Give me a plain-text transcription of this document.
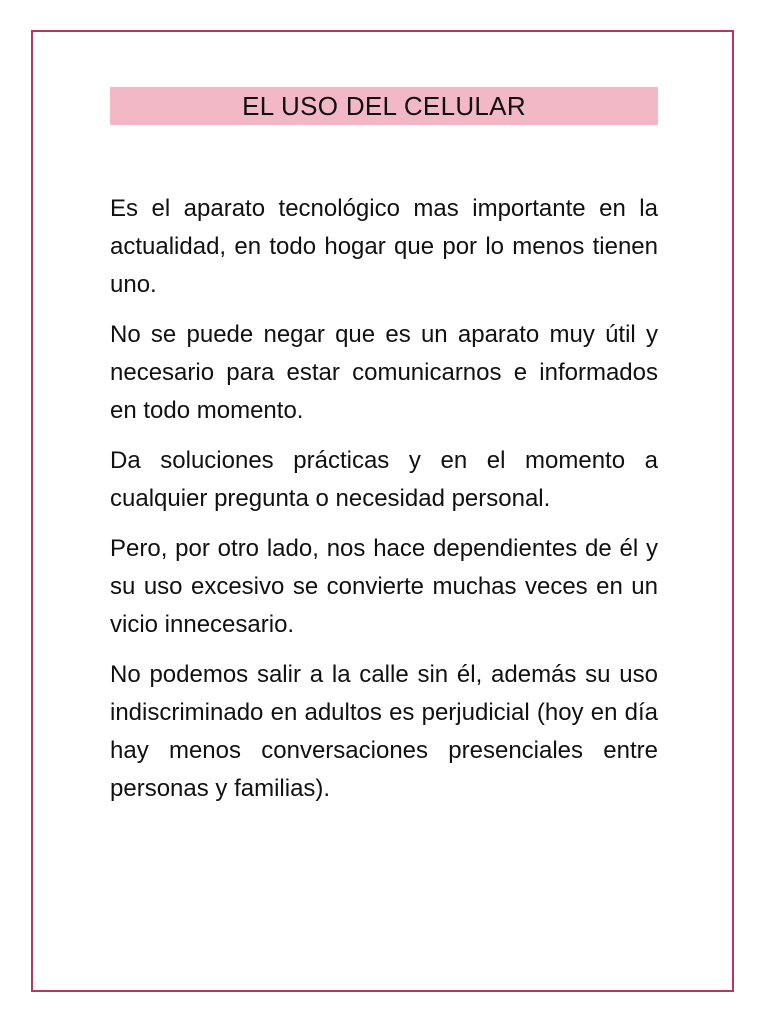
EL USO DEL CELULAR

Es el aparato tecnológico mas importante en la actualidad, en todo hogar que por lo menos tienen uno.

No se puede negar que es un aparato muy útil y necesario para estar comunicarnos e informados en todo momento.

Da soluciones prácticas y en el momento a cualquier pregunta o necesidad personal.

Pero, por otro lado, nos hace dependientes de él y su uso excesivo se convierte muchas veces en un vicio innecesario.

No podemos salir a la calle sin él, además su uso indiscriminado en adultos es perjudicial (hoy en día hay menos conversaciones presenciales entre personas y familias).
